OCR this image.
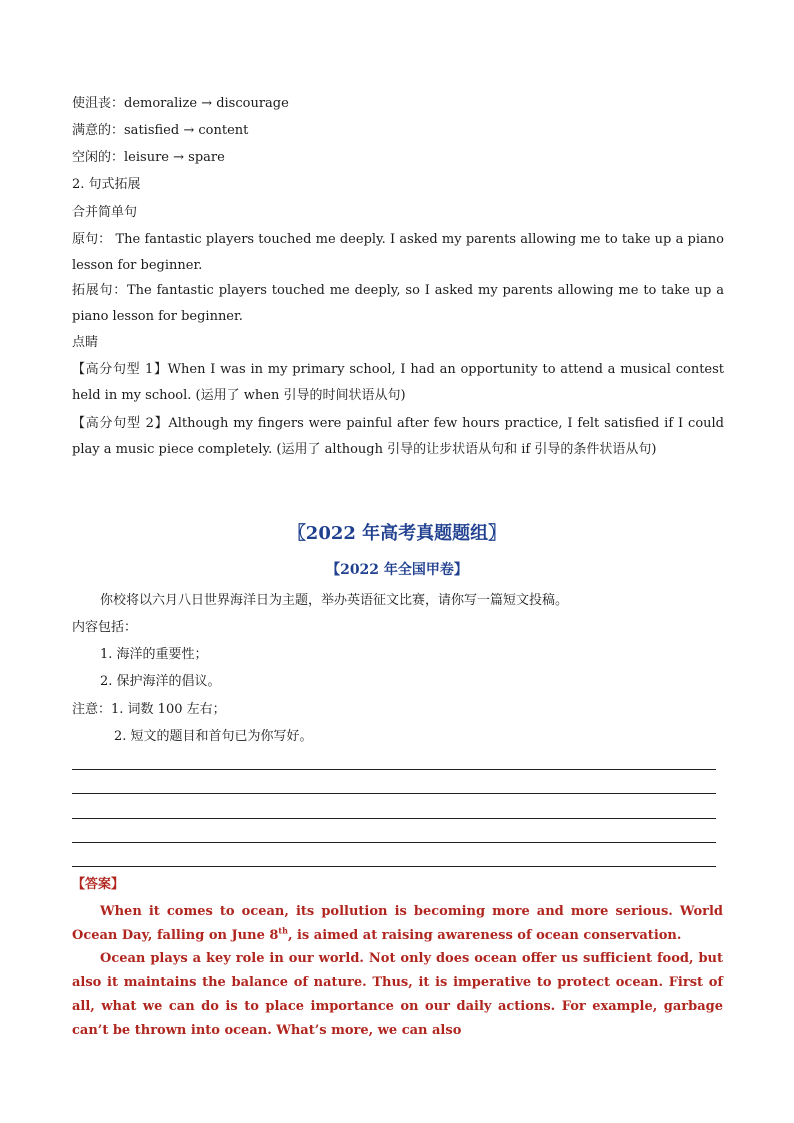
使沮丧：demoralize → discourage
满意的：satisfied → content
空闲的：leisure → spare
2. 句式拓展
合并简单句
原句： The fantastic players touched me deeply. I asked my parents allowing me to take up a piano lesson for beginner.
拓展句：The fantastic players touched me deeply, so I asked my parents allowing me to take up a piano lesson for beginner.
点睛
【高分句型 1】When I was in my primary school, I had an opportunity to attend a musical contest held in my school. (运用了 when 引导的时间状语从句)
【高分句型 2】Although my fingers were painful after few hours practice, I felt satisfied if I could play a music piece completely. (运用了 although 引导的让步状语从句和 if 引导的条件状语从句)
〖2022 年高考真题题组〗
【2022 年全国甲卷】
你校将以六月八日世界海洋日为主题，举办英语征文比赛，请你写一篇短文投稿。
内容包括：
1. 海洋的重要性；
2. 保护海洋的倡议。
注意：1. 词数 100 左右；
2. 短文的题目和首句已为你写好。
【答案】
When it comes to ocean, its pollution is becoming more and more serious. World Ocean Day, falling on June 8th, is aimed at raising awareness of ocean conservation.
Ocean plays a key role in our world. Not only does ocean offer us sufficient food, but also it maintains the balance of nature. Thus, it is imperative to protect ocean. First of all, what we can do is to place importance on our daily actions. For example, garbage can’t be thrown into ocean. What’s more, we can also
